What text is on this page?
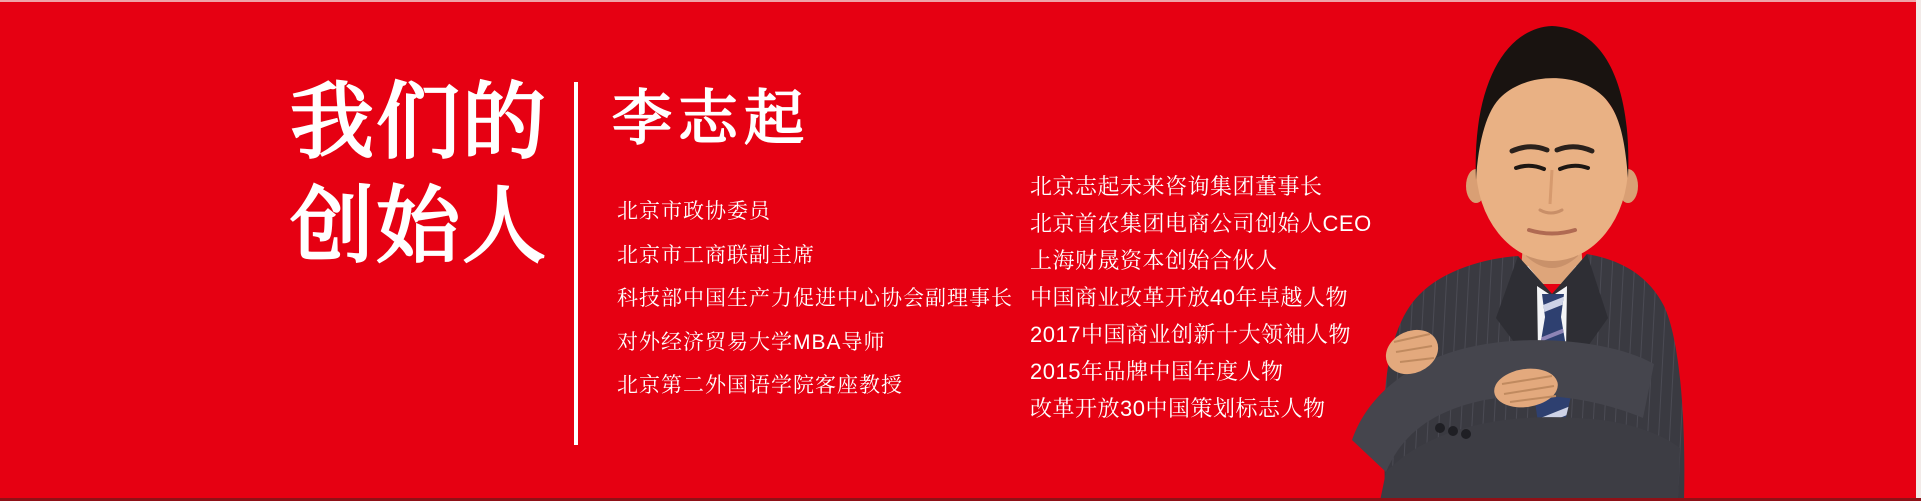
我们的
创始人
李志起
北京市政协委员
北京市工商联副主席
科技部中国生产力促进中心协会副理事长
对外经济贸易大学MBA导师
北京第二外国语学院客座教授
北京志起未来咨询集团董事长
北京首农集团电商公司创始人CEO
上海财晟资本创始合伙人
中国商业改革开放40年卓越人物
2017中国商业创新十大领袖人物
2015年品牌中国年度人物
改革开放30中国策划标志人物
